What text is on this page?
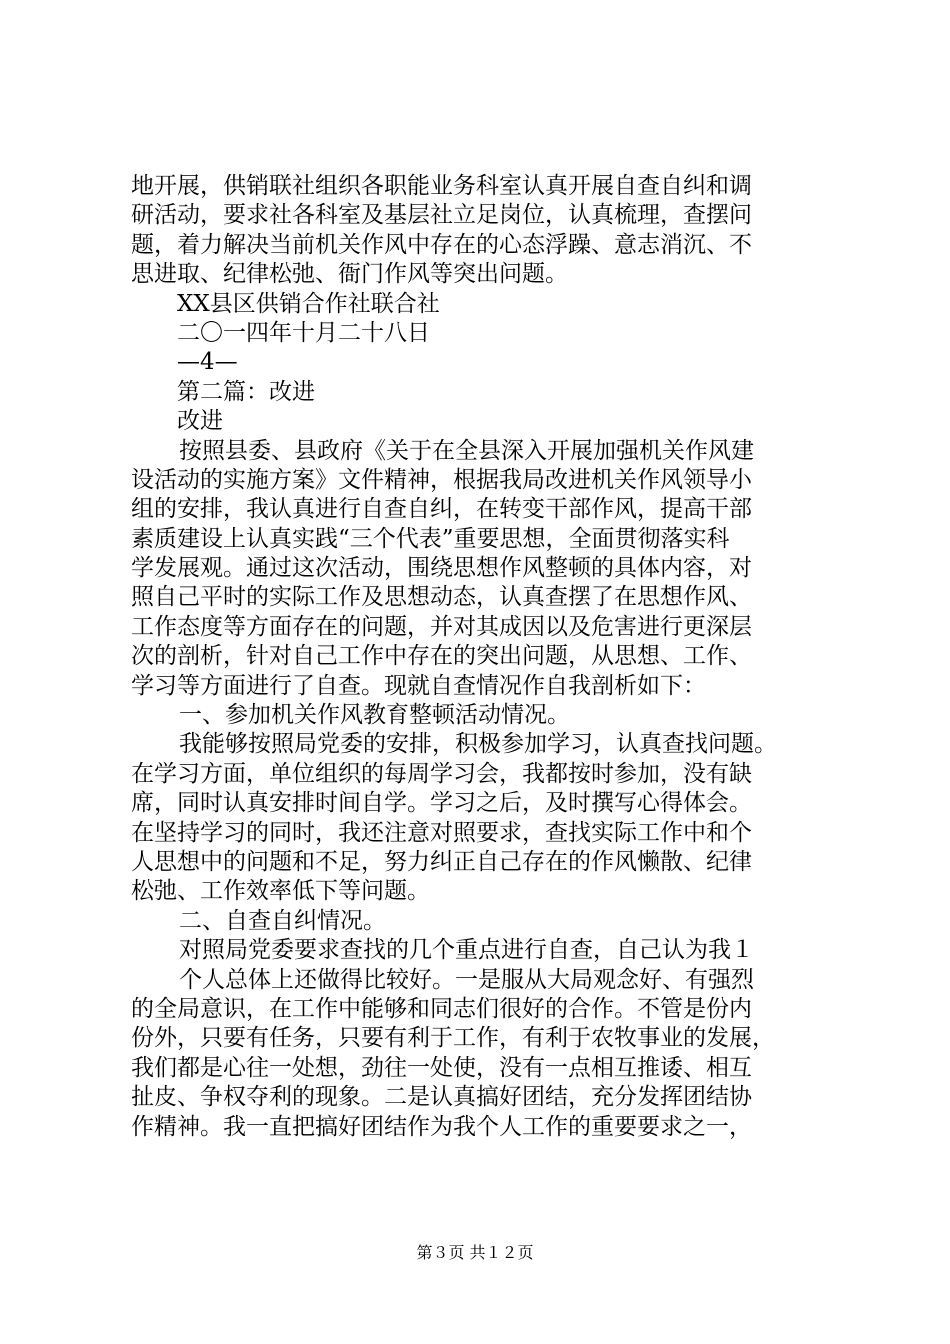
地开展，供销联社组织各职能业务科室认真开展自查自纠和调
研活动，要求社各科室及基层社立足岗位，认真梳理，查摆问
题，着力解决当前机关作风中存在的心态浮躁、意志消沉、不
思进取、纪律松弛、衙门作风等突出问题。
XX县区供销合作社联合社
二〇一四年十月二十八日
—4—
第二篇：改进
改进
按照县委、县政府《关于在全县深入开展加强机关作风建
设活动的实施方案》文件精神，根据我局改进机关作风领导小
组的安排，我认真进行自查自纠，在转变干部作风，提高干部
素质建设上认真实践“三个代表”重要思想，全面贯彻落实科
学发展观。通过这次活动，围绕思想作风整顿的具体内容，对
照自己平时的实际工作及思想动态，认真查摆了在思想作风、
工作态度等方面存在的问题，并对其成因以及危害进行更深层
次的剖析，针对自己工作中存在的突出问题，从思想、工作、
学习等方面进行了自查。现就自查情况作自我剖析如下：
一、参加机关作风教育整顿活动情况。
我能够按照局党委的安排，积极参加学习，认真查找问题。
在学习方面，单位组织的每周学习会，我都按时参加，没有缺
席，同时认真安排时间自学。学习之后，及时撰写心得体会。
在坚持学习的同时，我还注意对照要求，查找实际工作中和个
人思想中的问题和不足，努力纠正自己存在的作风懒散、纪律
松弛、工作效率低下等问题。
二、自查自纠情况。
对照局党委要求查找的几个重点进行自查，自己认为我１
个人总体上还做得比较好。一是服从大局观念好、有强烈
的全局意识，在工作中能够和同志们很好的合作。不管是份内
份外，只要有任务，只要有利于工作，有利于农牧事业的发展，
我们都是心往一处想，劲往一处使，没有一点相互推诿、相互
扯皮、争权夺利的现象。二是认真搞好团结，充分发挥团结协
作精神。我一直把搞好团结作为我个人工作的重要要求之一，
第３页 共１２页
